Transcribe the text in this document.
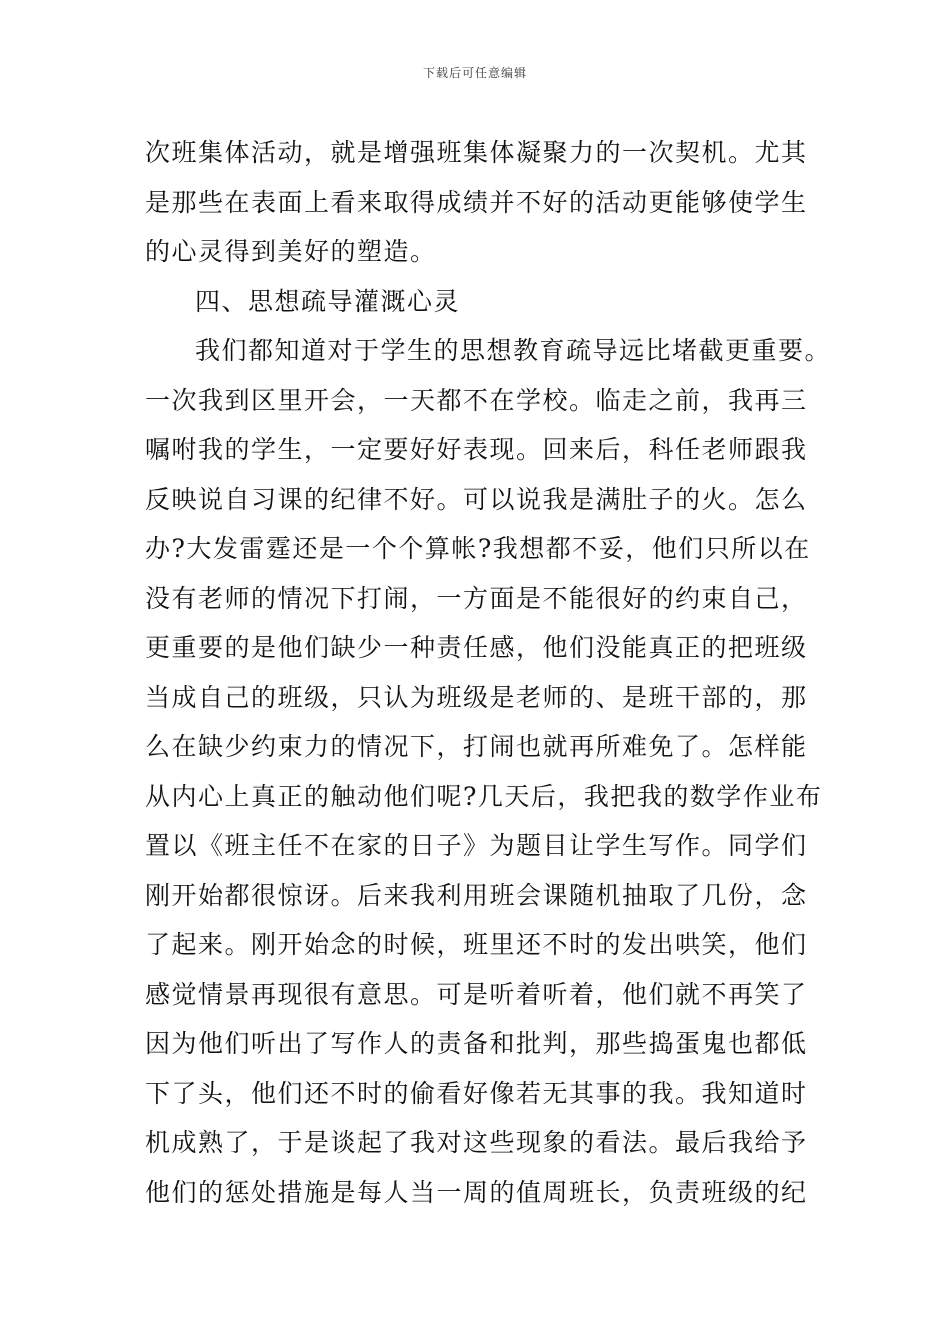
下载后可任意编辑
次班集体活动，就是增强班集体凝聚力的一次契机。尤其
是那些在表面上看来取得成绩并不好的活动更能够使学生
的心灵得到美好的塑造。
四、思想疏导灌溉心灵
我们都知道对于学生的思想教育疏导远比堵截更重要。
一次我到区里开会，一天都不在学校。临走之前，我再三
嘱咐我的学生，一定要好好表现。回来后，科任老师跟我
反映说自习课的纪律不好。可以说我是满肚子的火。怎么
办?大发雷霆还是一个个算帐?我想都不妥，他们只所以在
没有老师的情况下打闹，一方面是不能很好的约束自己，
更重要的是他们缺少一种责任感，他们没能真正的把班级
当成自己的班级，只认为班级是老师的、是班干部的，那
么在缺少约束力的情况下，打闹也就再所难免了。怎样能
从内心上真正的触动他们呢?几天后，我把我的数学作业布
置以《班主任不在家的日子》为题目让学生写作。同学们
刚开始都很惊讶。后来我利用班会课随机抽取了几份，念
了起来。刚开始念的时候，班里还不时的发出哄笑，他们
感觉情景再现很有意思。可是听着听着，他们就不再笑了
因为他们听出了写作人的责备和批判，那些捣蛋鬼也都低
下了头，他们还不时的偷看好像若无其事的我。我知道时
机成熟了，于是谈起了我对这些现象的看法。最后我给予
他们的惩处措施是每人当一周的值周班长，负责班级的纪
